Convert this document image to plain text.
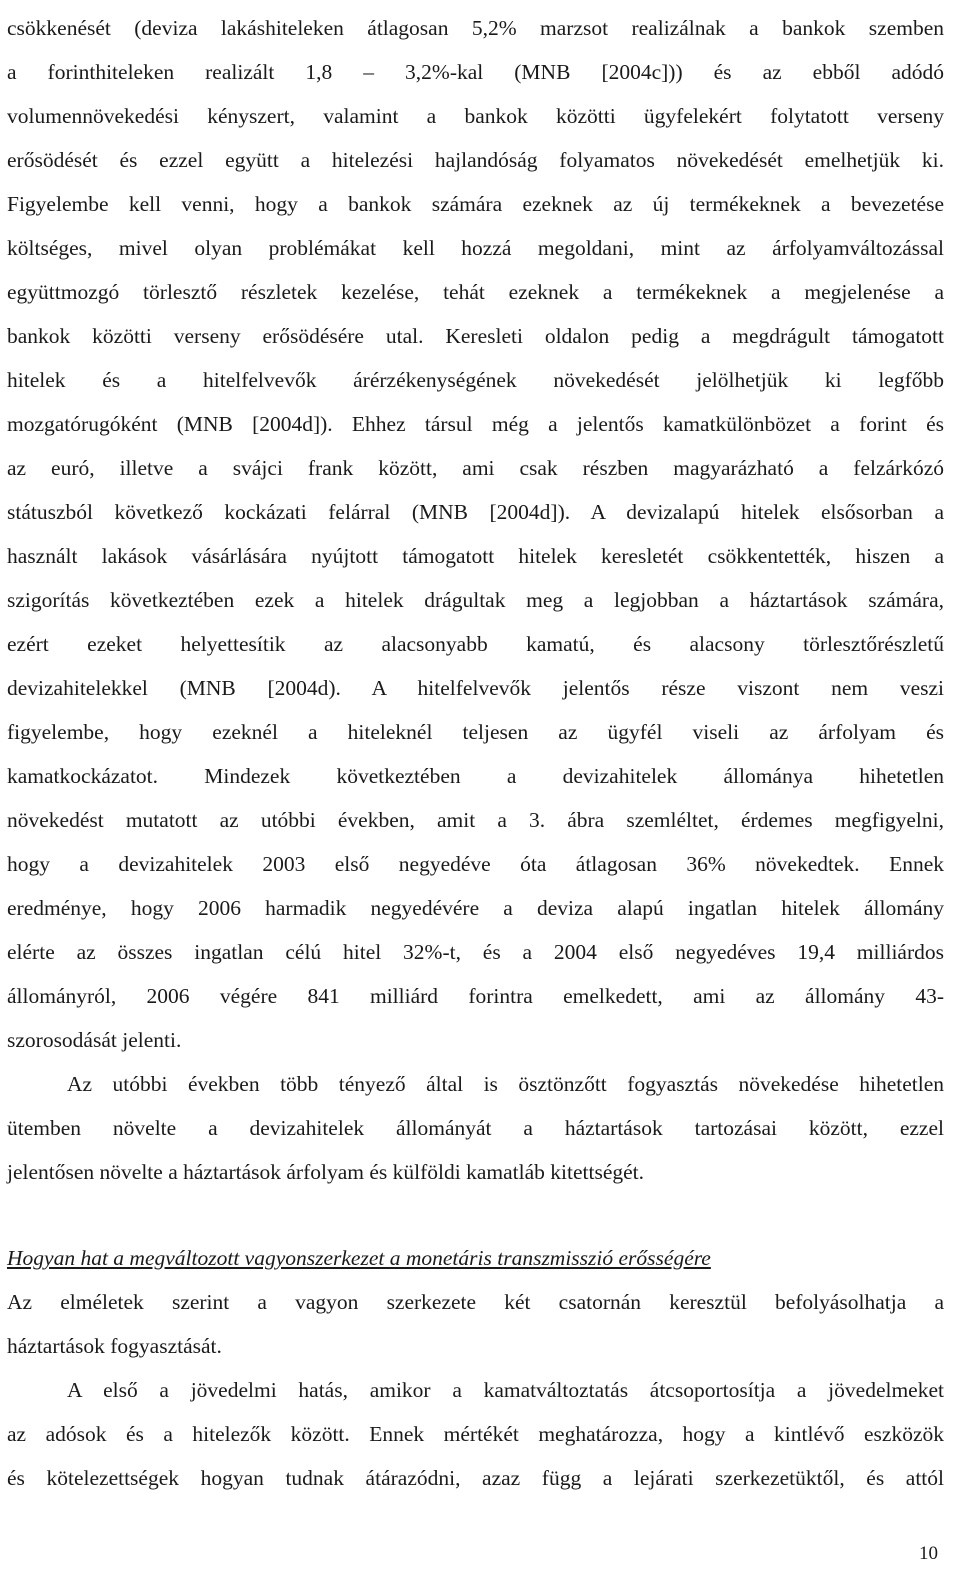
csökkenését (deviza lakáshiteleken átlagosan 5,2% marzsot realizálnak a bankok szemben
a forinthiteleken realizált 1,8 – 3,2%-kal (MNB [2004c])) és az ebből adódó
volumennövekedési kényszert, valamint a bankok közötti ügyfelekért folytatott verseny
erősödését és ezzel együtt a hitelezési hajlandóság folyamatos növekedését emelhetjük ki.
Figyelembe kell venni, hogy a bankok számára ezeknek az új termékeknek a bevezetése
költséges, mivel olyan problémákat kell hozzá megoldani, mint az árfolyamváltozással
együttmozgó törlesztő részletek kezelése, tehát ezeknek a termékeknek a megjelenése a
bankok közötti verseny erősödésére utal. Keresleti oldalon pedig a megdrágult támogatott
hitelek és a hitelfelvevők árérzékenységének növekedését jelölhetjük ki legfőbb
mozgatórugóként (MNB [2004d]). Ehhez társul még a jelentős kamatkülönbözet a forint és
az euró, illetve a svájci frank között, ami csak részben magyarázható a felzárkózó
státuszból következő kockázati felárral (MNB [2004d]). A devizalapú hitelek elsősorban a
használt lakások vásárlására nyújtott támogatott hitelek keresletét csökkentették, hiszen a
szigorítás következtében ezek a hitelek drágultak meg a legjobban a háztartások számára,
ezért ezeket helyettesítik az alacsonyabb kamatú, és alacsony törlesztőrészletű
devizahitelekkel (MNB [2004d). A hitelfelvevők jelentős része viszont nem veszi
figyelembe, hogy ezeknél a hiteleknél teljesen az ügyfél viseli az árfolyam és
kamatkockázatot. Mindezek következtében a devizahitelek állománya hihetetlen
növekedést mutatott az utóbbi években, amit a 3. ábra szemléltet, érdemes megfigyelni,
hogy a devizahitelek 2003 első negyedéve óta átlagosan 36% növekedtek. Ennek
eredménye, hogy 2006 harmadik negyedévére a deviza alapú ingatlan hitelek állomány
elérte az összes ingatlan célú hitel 32%-t, és a 2004 első negyedéves 19,4 milliárdos
állományról, 2006 végére 841 milliárd forintra emelkedett, ami az állomány 43-
szorosodását jelenti.
Az utóbbi években több tényező által is ösztönzőtt fogyasztás növekedése hihetetlen
ütemben növelte a devizahitelek állományát a háztartások tartozásai között, ezzel
jelentősen növelte a háztartások árfolyam és külföldi kamatláb kitettségét.
Hogyan hat a megváltozott vagyonszerkezet a monetáris transzmisszió erősségére
Az elméletek szerint a vagyon szerkezete két csatornán keresztül befolyásolhatja a
háztartások fogyasztását.
A első a jövedelmi hatás, amikor a kamatváltoztatás átcsoportosítja a jövedelmeket
az adósok és a hitelezők között. Ennek mértékét meghatározza, hogy a kintlévő eszközök
és kötelezettségek hogyan tudnak átárazódni, azaz függ a lejárati szerkezetüktől, és attól
10
